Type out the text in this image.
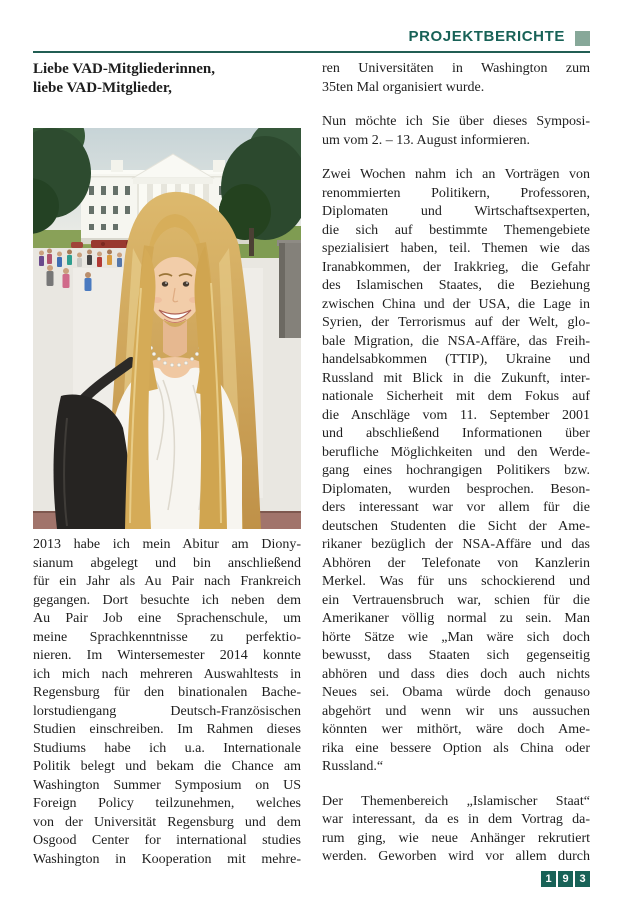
PROJEKTBERICHTE
Liebe VAD-Mitgliederinnen,
liebe VAD-Mitglieder,
2013 habe ich mein Abitur am Diony-
sianum abgelegt und bin anschließend
für ein Jahr als Au Pair nach Frankreich
gegangen. Dort besuchte ich neben dem
Au Pair Job eine Sprachenschule, um
meine Sprachkenntnisse zu perfektio-
nieren. Im Wintersemester 2014 konnte
ich mich nach mehreren Auswahltests in
Regensburg für den binationalen Bache-
lorstudiengang Deutsch-Französischen
Studien einschreiben. Im Rahmen dieses
Studiums habe ich u.a. Internationale
Politik belegt und bekam die Chance am
Washington Summer Symposium on US
Foreign Policy teilzunehmen, welches
von der Universität Regensburg und dem
Osgood Center for international studies
Washington in Kooperation mit mehre-
ren Universitäten in Washington zum
35ten Mal organisiert wurde.
Nun möchte ich Sie über dieses Symposi-
um vom 2. – 13. August informieren.
Zwei Wochen nahm ich an Vorträgen von
renommierten Politikern, Professoren,
Diplomaten und Wirtschaftsexperten,
die sich auf bestimmte Themengebiete
spezialisiert haben, teil. Themen wie das
Iranabkommen, der Irakkrieg, die Gefahr
des Islamischen Staates, die Beziehung
zwischen China und der USA, die Lage in
Syrien, der Terrorismus auf der Welt, glo-
bale Migration, die NSA-Affäre, das Freih-
handelsabkommen (TTIP), Ukraine und
Russland mit Blick in die Zukunft, inter-
nationale Sicherheit mit dem Fokus auf
die Anschläge vom 11. September 2001
und abschließend Informationen über
berufliche Möglichkeiten und den Werde-
gang eines hochrangigen Politikers bzw.
Diplomaten, wurden besprochen. Beson-
ders interessant war vor allem für die
deutschen Studenten die Sicht der Ame-
rikaner bezüglich der NSA-Affäre und das
Abhören der Telefonate von Kanzlerin
Merkel. Was für uns schockierend und
ein Vertrauensbruch war, schien für die
Amerikaner völlig normal zu sein. Man
hörte Sätze wie „Man wäre sich doch
bewusst, dass Staaten sich gegenseitig
abhören und dass dies doch auch nichts
Neues sei. Obama würde doch genauso
abgehört und wenn wir uns aussuchen
könnten wer mithört, wäre doch Ame-
rika eine bessere Option als China oder
Russland.“
Der Themenbereich „Islamischer Staat“
war interessant, da es in dem Vortrag da-
rum ging, wie neue Anhänger rekrutiert
werden. Geworben wird vor allem durch
1 9 3
